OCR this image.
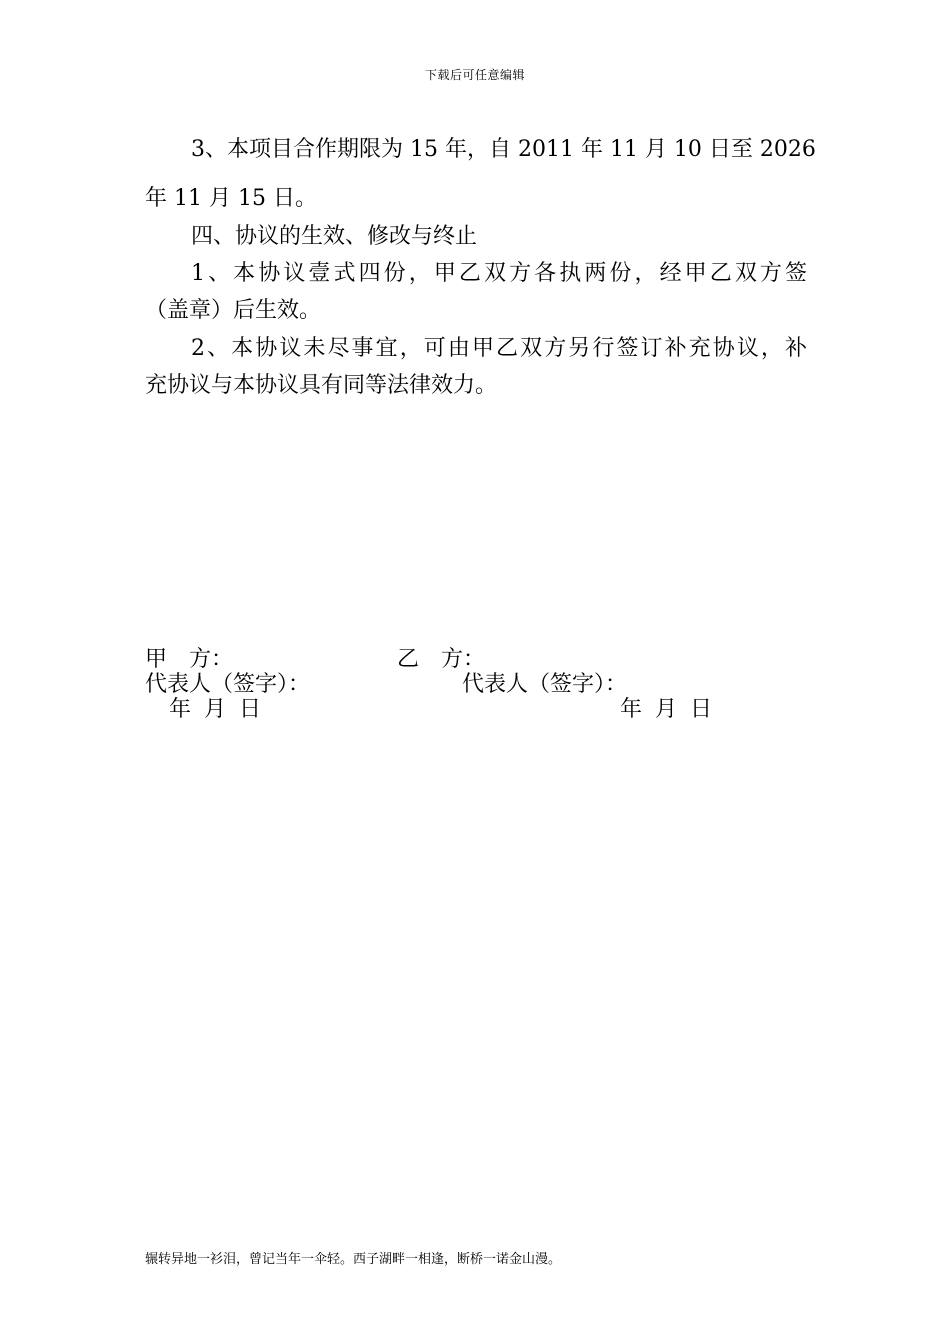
下载后可任意编辑
3、本项目合作期限为 15 年，自 2011 年 11 月 10 日至 2026
年 11 月 15 日。
四、协议的生效、修改与终止
1、本协议壹式四份，甲乙双方各执两份，经甲乙双方签
（盖章）后生效。
2、本协议未尽事宜，可由甲乙双方另行签订补充协议，补
充协议与本协议具有同等法律效力。
甲　方：	乙　方：
代表人（签字）：	代表人（签字）：
年 月 日	年 月 日
辗转异地一衫泪，曾记当年一伞轻。西子湖畔一相逢，断桥一诺金山漫。
